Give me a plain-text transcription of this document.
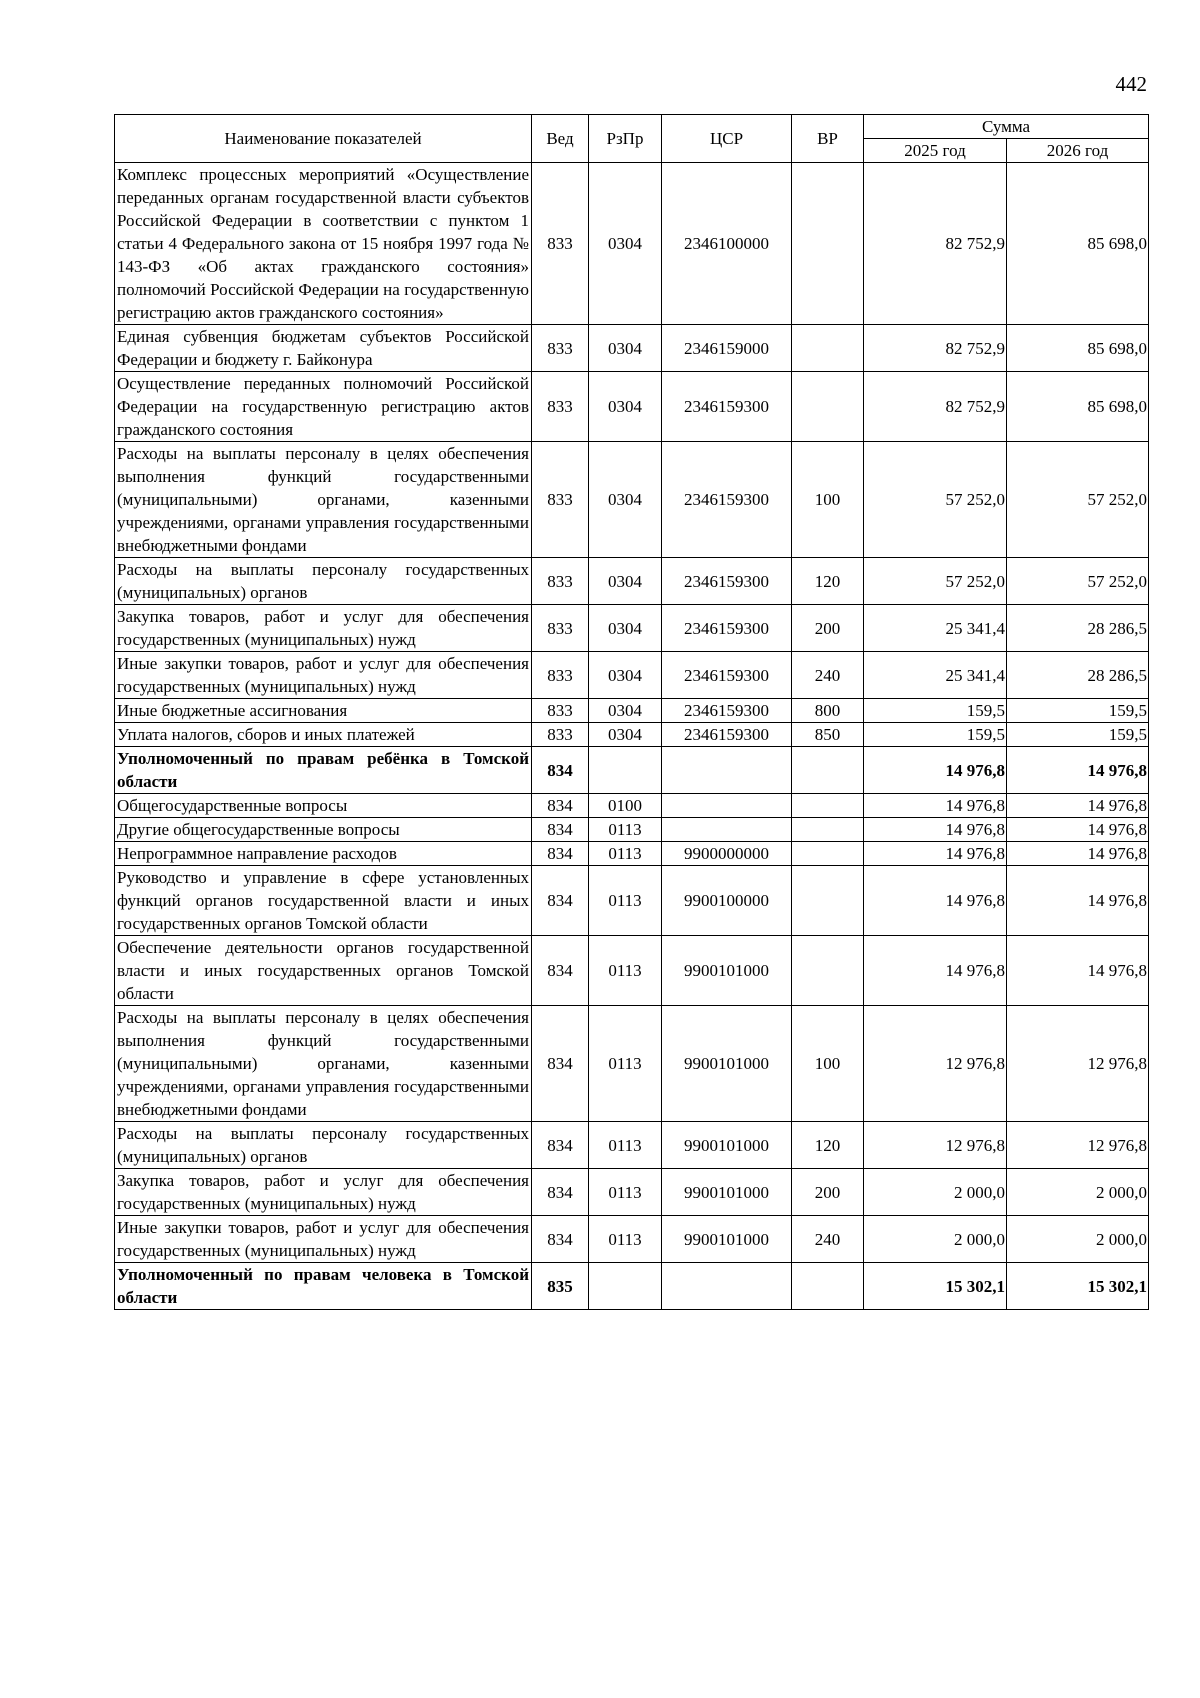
442
Наименование показателей	Вед	РзПр	ЦСР	ВР	Сумма	
					2025 год	2026 год
Комплекс процессных мероприятий «Осуществление переданных органам государственной власти субъектов Российской Федерации в соответствии с пунктом 1 статьи 4 Федерального закона от 15 ноября 1997 года № 143-ФЗ «Об актах гражданского состояния» полномочий Российской Федерации на государственную регистрацию актов гражданского состояния»	833	0304	2346100000		82 752,9	85 698,0
Единая субвенция бюджетам субъектов Российской Федерации и бюджету г. Байконура	833	0304	2346159000		82 752,9	85 698,0
Осуществление переданных полномочий Российской Федерации на государственную регистрацию актов гражданского состояния	833	0304	2346159300		82 752,9	85 698,0
Расходы на выплаты персоналу в целях обеспечения выполнения функций государственными (муниципальными) органами, казенными учреждениями, органами управления государственными внебюджетными фондами	833	0304	2346159300	100	57 252,0	57 252,0
Расходы на выплаты персоналу государственных (муниципальных) органов	833	0304	2346159300	120	57 252,0	57 252,0
Закупка товаров, работ и услуг для обеспечения государственных (муниципальных) нужд	833	0304	2346159300	200	25 341,4	28 286,5
Иные закупки товаров, работ и услуг для обеспечения государственных (муниципальных) нужд	833	0304	2346159300	240	25 341,4	28 286,5
Иные бюджетные ассигнования	833	0304	2346159300	800	159,5	159,5
Уплата налогов, сборов и иных платежей	833	0304	2346159300	850	159,5	159,5
Уполномоченный по правам ребёнка в Томской области	834				14 976,8	14 976,8
Общегосударственные вопросы	834	0100			14 976,8	14 976,8
Другие общегосударственные вопросы	834	0113			14 976,8	14 976,8
Непрограммное направление расходов	834	0113	9900000000		14 976,8	14 976,8
Руководство и управление в сфере установленных функций органов государственной власти и иных государственных органов Томской области	834	0113	9900100000		14 976,8	14 976,8
Обеспечение деятельности органов государственной власти и иных государственных органов Томской области	834	0113	9900101000		14 976,8	14 976,8
Расходы на выплаты персоналу в целях обеспечения выполнения функций государственными (муниципальными) органами, казенными учреждениями, органами управления государственными внебюджетными фондами	834	0113	9900101000	100	12 976,8	12 976,8
Расходы на выплаты персоналу государственных (муниципальных) органов	834	0113	9900101000	120	12 976,8	12 976,8
Закупка товаров, работ и услуг для обеспечения государственных (муниципальных) нужд	834	0113	9900101000	200	2 000,0	2 000,0
Иные закупки товаров, работ и услуг для обеспечения государственных (муниципальных) нужд	834	0113	9900101000	240	2 000,0	2 000,0
Уполномоченный по правам человека в Томской области	835				15 302,1	15 302,1
